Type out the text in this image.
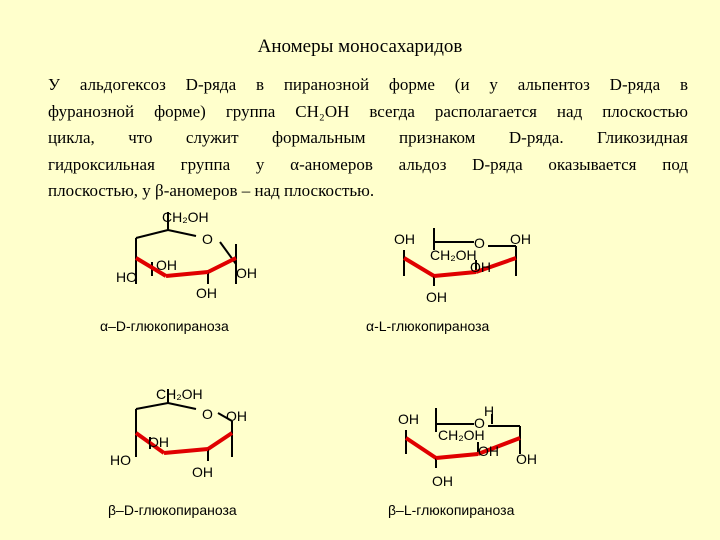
Аномеры моносахаридов
У альдогексоз D-ряда в пиранозной форме (и у альпентоз D-ряда в
фуранозной форме) группа CH₂OH всегда располагается над плоскостью
цикла, что служит формальным признаком D-ряда. Гликозидная
гидроксильная группа у α-аномеров альдоз D-ряда оказывается под
плоскостью, у β-аномеров – над плоскостью.
CH₂OH
O
HO
OH	OH
OH
α–D-глюкопираноза
OH	O OH
CH₂OH
OH
OH
α-L-глюкопираноза
CH₂OH
O OH
OH
HO
OH
β–D-глюкопираноза
OH	O
H
CH₂OH
OH OH
OH
β–L-глюкопираноза
